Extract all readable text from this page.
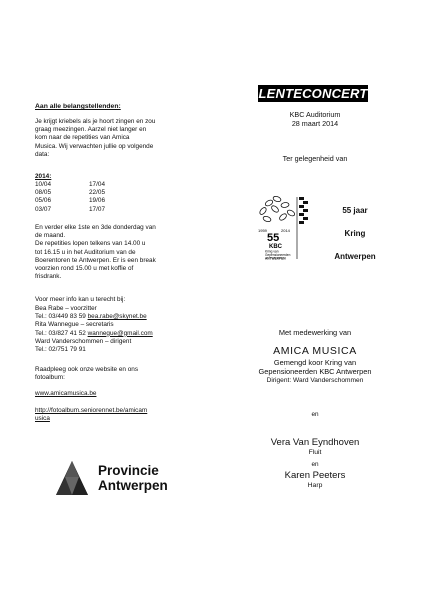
Aan alle belangstellenden:
Je krijgt kriebels als je hoort zingen en zou
graag meezingen. Aarzel niet langer en
kom naar de repetities van Amica
Musica. Wij verwachten jullie op volgende
data:
2014:
10/04
08/05
05/06
03/07
17/04
22/05
19/06
17/07
En verder elke 1ste en 3de donderdag van
de maand.
De repetities lopen telkens van 14.00 u
tot 16.15 u in het Auditorium van de
Boerentoren te Antwerpen. Er is een break
voorzien rond 15.00 u met koffie of
frisdrank.
Voor meer info kan u terecht bij:
Bea Rabe – voorzitter
Tel.: 03/449 83 59 bea.rabe@skynet.be
Rita Wannegue – secretaris
Tel.: 03/827 41 52 wannegue@gmail.com
Ward Vanderschommen – dirigent
Tel.: 02/751 79 91
Raadpleeg ook onze website en ons
fotoalbum:
www.amicamusica.be
http://fotoalbum.seniorennet.be/amicam
usica
Provincie
Antwerpen
LENTECONCERT
KBC Auditorium
28 maart 2014
Ter gelegenheid van
1959	2014
55
KBC
Kring van
Gepensioneerden
ANTWERPEN
55 jaar
Kring
Antwerpen
Met medewerking van
AMICA MUSICA
Gemengd koor Kring van
Gepensioneerden KBC Antwerpen
Dirigent: Ward Vanderschommen
en
Vera Van Eyndhoven
Fluit
en
Karen Peeters
Harp
